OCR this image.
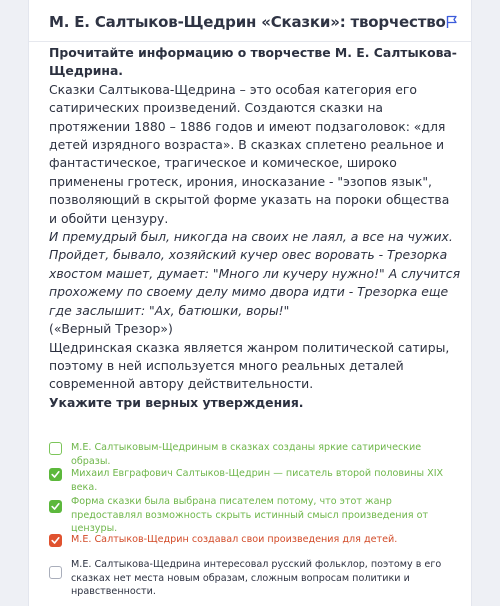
М. Е. Салтыков-Щедрин «Сказки»: творчество

Прочитайте информацию о творчестве М. Е. Салтыкова-Щедрина.

Сказки Салтыкова-Щедрина – это особая категория его сатирических произведений. Создаются сказки на протяжении 1880 – 1886 годов и имеют подзаголовок: «для детей изрядного возраста». В сказках сплетено реальное и фантастическое, трагическое и комическое, широко применены гротеск, ирония, иносказание - "эзопов язык", позволяющий в скрытой форме указать на пороки общества и обойти цензуру.

И премудрый был, никогда на своих не лаял, а все на чужих. Пройдет, бывало, хозяйский кучер овес воровать - Трезорка хвостом машет, думает: "Много ли кучеру нужно!" А случится прохожему по своему делу мимо двора идти - Трезорка еще где заслышит: "Ах, батюшки, воры!"

(«Верный Трезор»)

Щедринская сказка является жанром политической сатиры, поэтому в ней используется много реальных деталей современной автору действительности.

Укажите три верных утверждения.

М.Е. Салтыковым-Щедриным в сказках созданы яркие сатирические образы.
Михаил Евграфович Салтыков-Щедрин — писатель второй половины XIX века.
Форма сказки была выбрана писателем потому, что этот жанр предоставлял возможность скрыть истинный смысл произведения от цензуры.
М.Е. Салтыков-Щедрин создавал свои произведения для детей.
М.Е. Салтыкова-Щедрина интересовал русский фольклор, поэтому в его сказках нет места новым образам, сложным вопросам политики и нравственности.
